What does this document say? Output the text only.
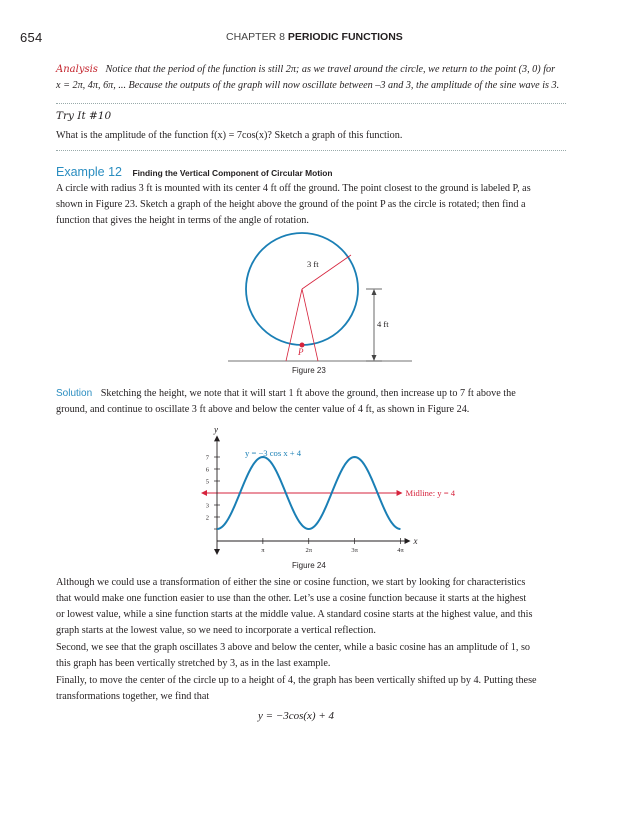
654	CHAPTER 8 PERIODIC FUNCTIONS
Analysis Notice that the period of the function is still 2π; as we travel around the circle, we return to the point (3, 0) for
x = 2π, 4π, 6π, ... Because the outputs of the graph will now oscillate between –3 and 3, the amplitude of the sine wave is 3.
Try It #10
What is the amplitude of the function f(x) = 7cos(x)? Sketch a graph of this function.
Example 12 Finding the Vertical Component of Circular Motion
A circle with radius 3 ft is mounted with its center 4 ft off the ground. The point closest to the ground is labeled P, as
shown in Figure 23. Sketch a graph of the height above the ground of the point P as the circle is rotated; then find a
function that gives the height in terms of the angle of rotation.
3 ft
4 ft
P
Figure 23
Solution Sketching the height, we note that it will start 1 ft above the ground, then increase up to 7 ft above the
ground, and continue to oscillate 3 ft above and below the center value of 4 ft, as shown in Figure 24.
2
3
5
6
7
π	2π	3π	4π
x
y
y = −3 cos x + 4
Midline: y = 4
Figure 24
Although we could use a transformation of either the sine or cosine function, we start by looking for characteristics
that would make one function easier to use than the other. Let’s use a cosine function because it starts at the highest
or lowest value, while a sine function starts at the middle value. A standard cosine starts at the highest value, and this
graph starts at the lowest value, so we need to incorporate a vertical reflection.
Second, we see that the graph oscillates 3 above and below the center, while a basic cosine has an amplitude of 1, so
this graph has been vertically stretched by 3, as in the last example.
Finally, to move the center of the circle up to a height of 4, the graph has been vertically shifted up by 4. Putting these
transformations together, we find that
y = −3cos(x) + 4
